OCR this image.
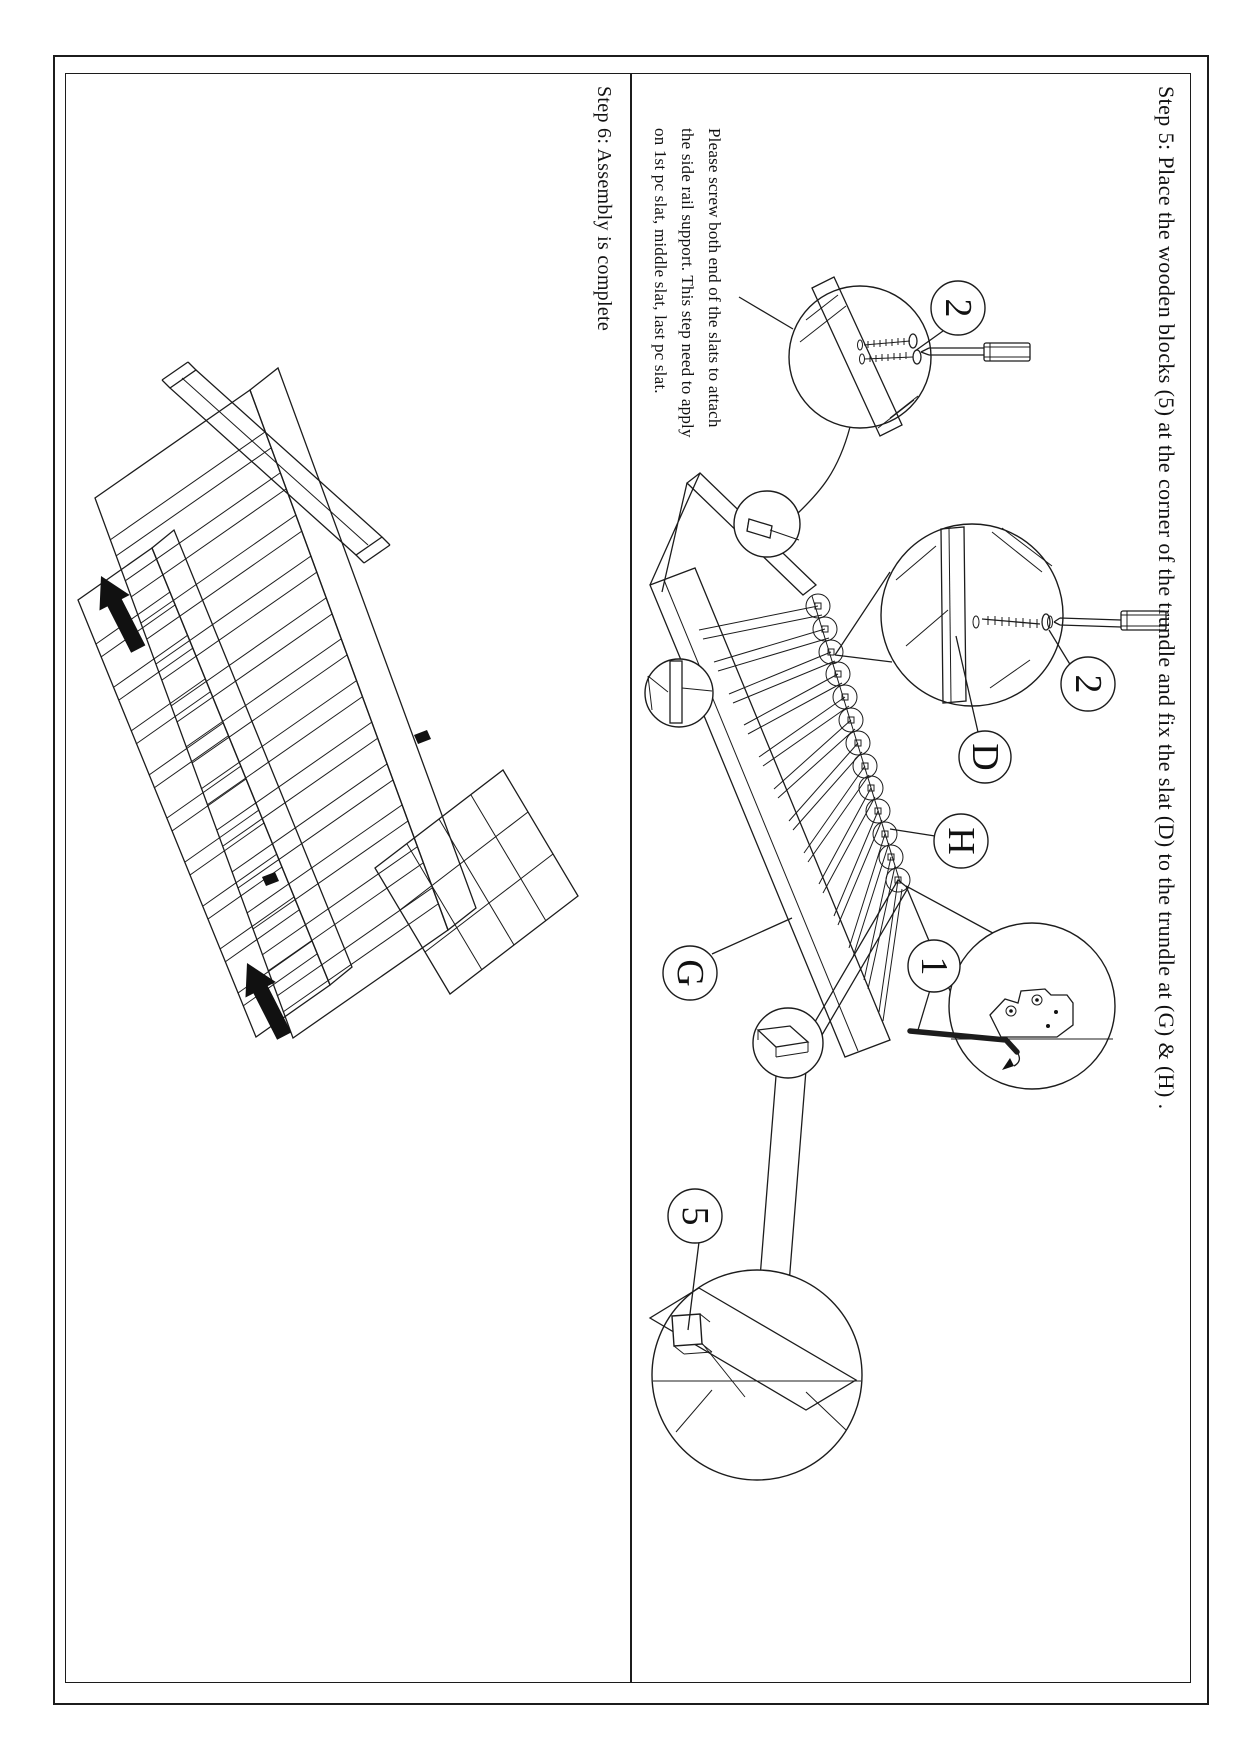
Step 5: Place the wooden blocks (5) at the corner of the trundle and fix the slat (D) to the trundle at (G) & (H) .
Please screw both end of the slats to attach
the side rail support. This step need to apply
on 1st pc slat, middle slat, last pc slat.
Step 6: Assembly is complete	2
2
D
H
G	1
5
